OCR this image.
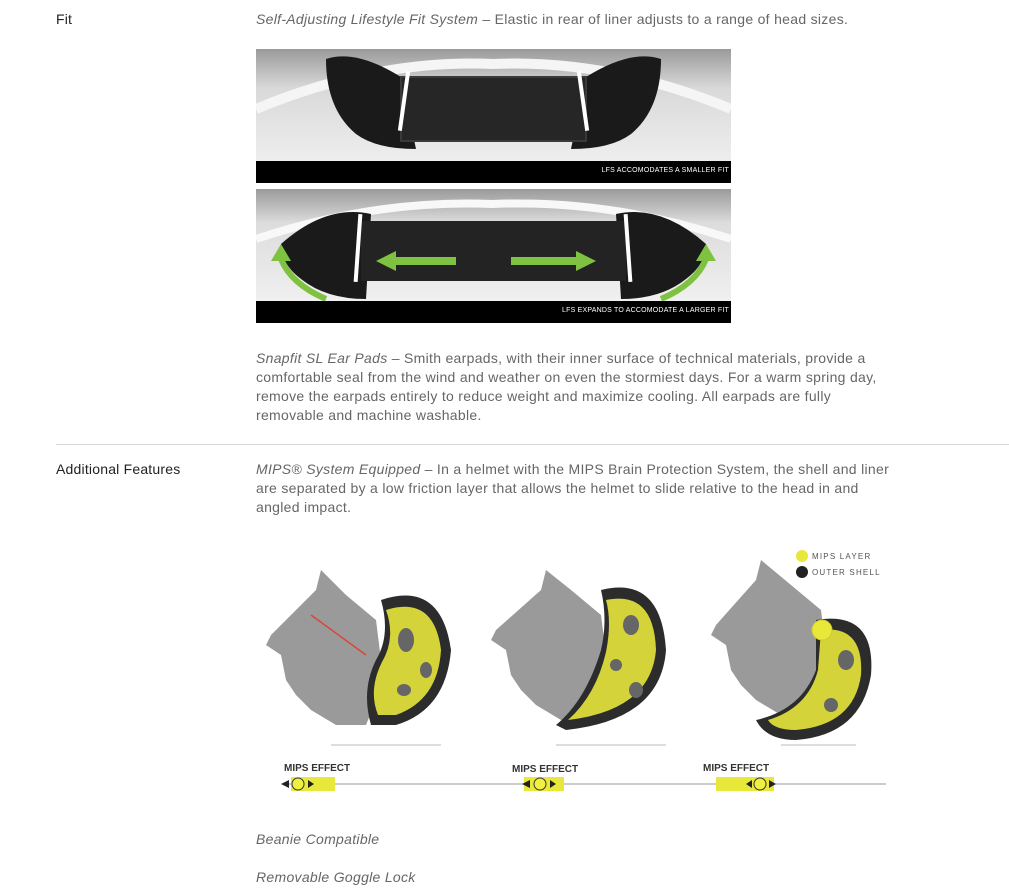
Fit	Self-Adjusting Lifestyle Fit System – Elastic in rear of liner adjusts to a range of head sizes.
LFS ACCOMODATES A SMALLER FIT
LFS EXPANDS TO ACCOMODATE A LARGER FIT
Snapfit SL Ear Pads – Smith earpads, with their inner surface of technical materials, provide a comfortable seal from the wind and weather on even the stormiest days. For a warm spring day, remove the earpads entirely to reduce weight and maximize cooling. All earpads are fully removable and machine washable.
Additional Features	MIPS® System Equipped – In a helmet with the MIPS Brain Protection System, the shell and liner are separated by a low friction layer that allows the helmet to slide relative to the head in and angled impact.
MIPS LAYER
OUTER SHELL
MIPS EFFECT	MIPS EFFECT	MIPS EFFECT
Beanie Compatible
Removable Goggle Lock
